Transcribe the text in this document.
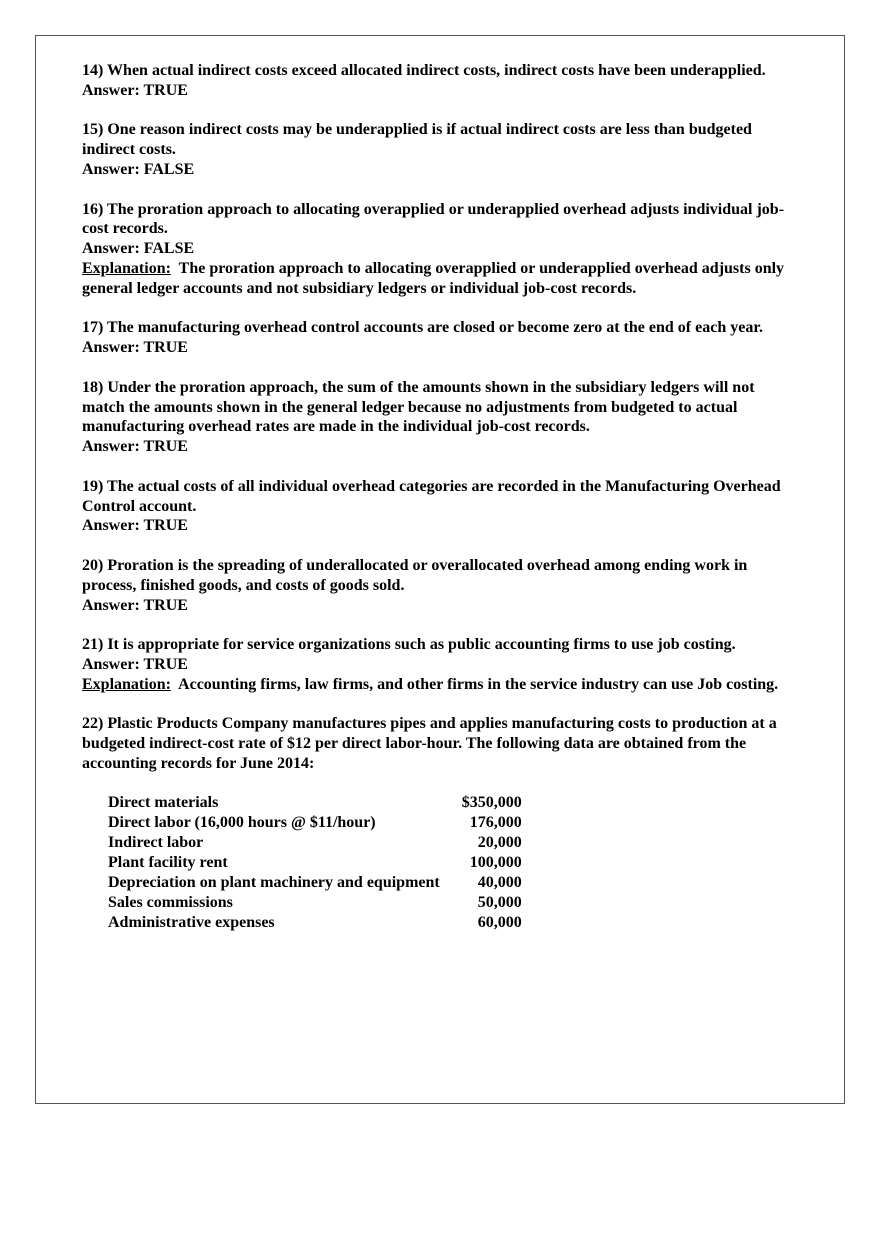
14) When actual indirect costs exceed allocated indirect costs, indirect costs have been underapplied.
Answer: TRUE
15) One reason indirect costs may be underapplied is if actual indirect costs are less than budgeted indirect costs.
Answer: FALSE
16) The proration approach to allocating overapplied or underapplied overhead adjusts individual job-cost records.
Answer: FALSE
Explanation: The proration approach to allocating overapplied or underapplied overhead adjusts only general ledger accounts and not subsidiary ledgers or individual job-cost records.
17) The manufacturing overhead control accounts are closed or become zero at the end of each year.
Answer: TRUE
18) Under the proration approach, the sum of the amounts shown in the subsidiary ledgers will not match the amounts shown in the general ledger because no adjustments from budgeted to actual manufacturing overhead rates are made in the individual job-cost records.
Answer: TRUE
19) The actual costs of all individual overhead categories are recorded in the Manufacturing Overhead Control account.
Answer: TRUE
20) Proration is the spreading of underallocated or overallocated overhead among ending work in process, finished goods, and costs of goods sold.
Answer: TRUE
21) It is appropriate for service organizations such as public accounting firms to use job costing.
Answer: TRUE
Explanation: Accounting firms, law firms, and other firms in the service industry can use Job costing.
22) Plastic Products Company manufactures pipes and applies manufacturing costs to production at a budgeted indirect-cost rate of $12 per direct labor-hour. The following data are obtained from the accounting records for June 2014:
Direct materials	$350,000
Direct labor (16,000 hours @ $11/hour)	176,000
Indirect labor	20,000
Plant facility rent	100,000
Depreciation on plant machinery and equipment	40,000
Sales commissions	50,000
Administrative expenses	60,000
